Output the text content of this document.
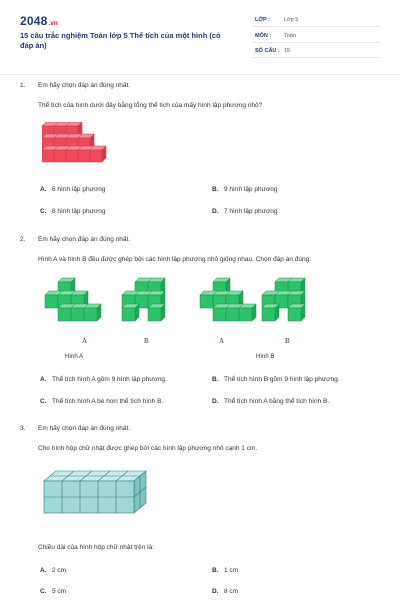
2048.vn
15 câu trắc nghiệm Toán lớp 5 Thể tích của một hình (có đáp án)
LỚP :	Lớp 5
MÔN : Toán
SỐ CÂU : 15
1. Em hãy chọn đáp án đúng nhất.
Thể tích của hình dưới đây bằng tổng thể tích của mấy hình lập phương nhỏ?
A. 6 hình lập phương	B. 9 hình lập phương
C. 8 hình lập phương	D. 7 hình lập phương
2. Em hãy chọn đáp án đúng nhất.
Hình A và hình B đều được ghép bởi các hình lập phương nhỏ giống nhau. Chọn đáp án đúng:
A	B	A	B
Hình A	Hình B
A. Thể tích hình A gồm 9 hình lập phương.	B. Thể tích hình B gồm 9 hình lập phương.
C. Thể tích hình A bé hơn thể tích hình B.	D. Thể tích hình A bằng thể tích hình B.
3. Em hãy chọn đáp án đúng nhất.
Cho hình hộp chữ nhật được ghép bởi các hình lập phương nhỏ cạnh 1 cm.
Chiều dài của hình hộp chữ nhật trên là:
A. 2 cm	B. 1 cm
C. 5 cm	D. 8 cm
